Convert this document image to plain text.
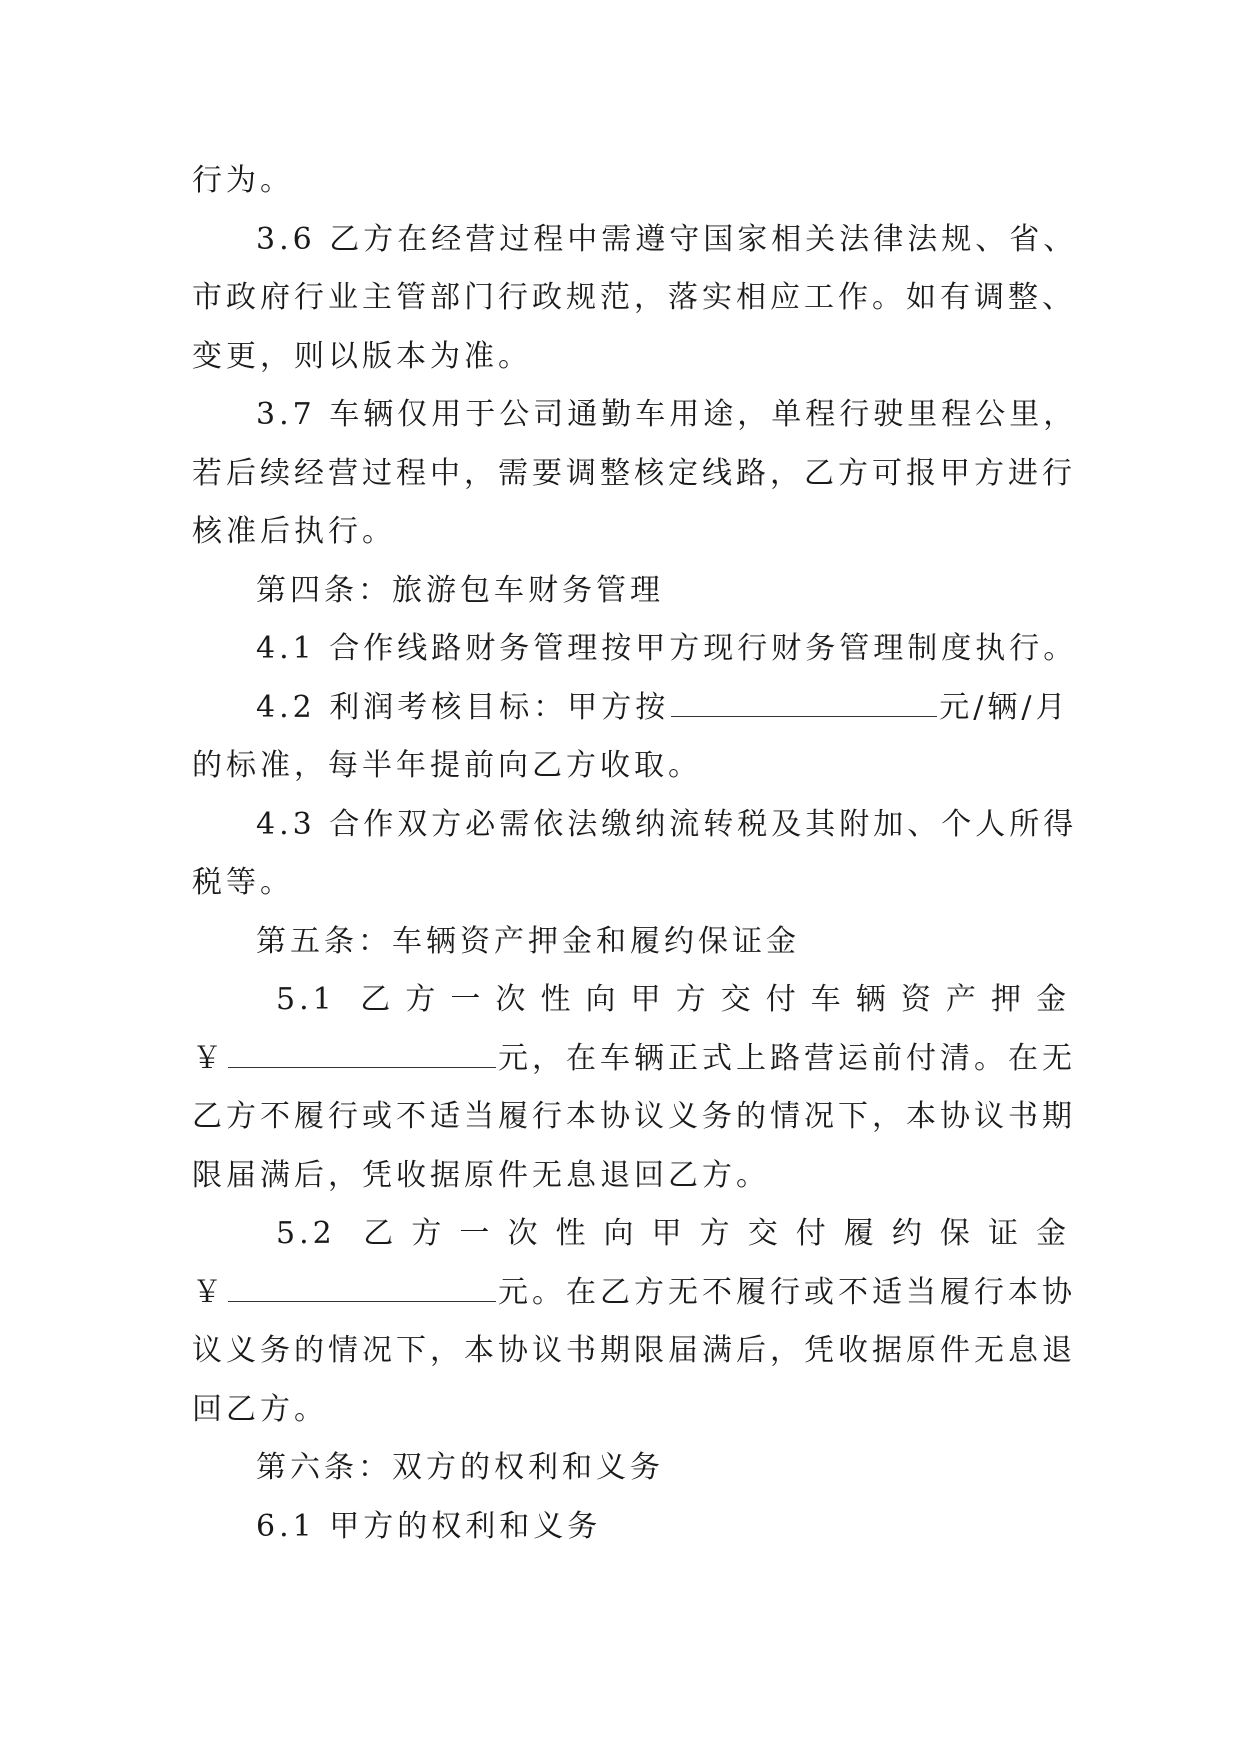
行为。
3.6 乙方在经营过程中需遵守国家相关法律法规、省、
市政府行业主管部门行政规范，落实相应工作。如有调整、
变更，则以版本为准。
3.7 车辆仅用于公司通勤车用途，单程行驶里程公里，
若后续经营过程中，需要调整核定线路，乙方可报甲方进行
核准后执行。
第四条：旅游包车财务管理
4.1 合作线路财务管理按甲方现行财务管理制度执行。
4.2 利润考核目标：甲方按	元/辆/月
的标准，每半年提前向乙方收取。
4.3 合作双方必需依法缴纳流转税及其附加、个人所得
税等。
第五条：车辆资产押金和履约保证金
5.1 乙方一次性向甲方交付车辆资产押金
￥	元，在车辆正式上路营运前付清。在无
乙方不履行或不适当履行本协议义务的情况下，本协议书期
限届满后，凭收据原件无息退回乙方。
5.2 乙方一次性向甲方交付履约保证金
￥	元。在乙方无不履行或不适当履行本协
议义务的情况下，本协议书期限届满后，凭收据原件无息退
回乙方。
第六条：双方的权利和义务
6.1 甲方的权利和义务
